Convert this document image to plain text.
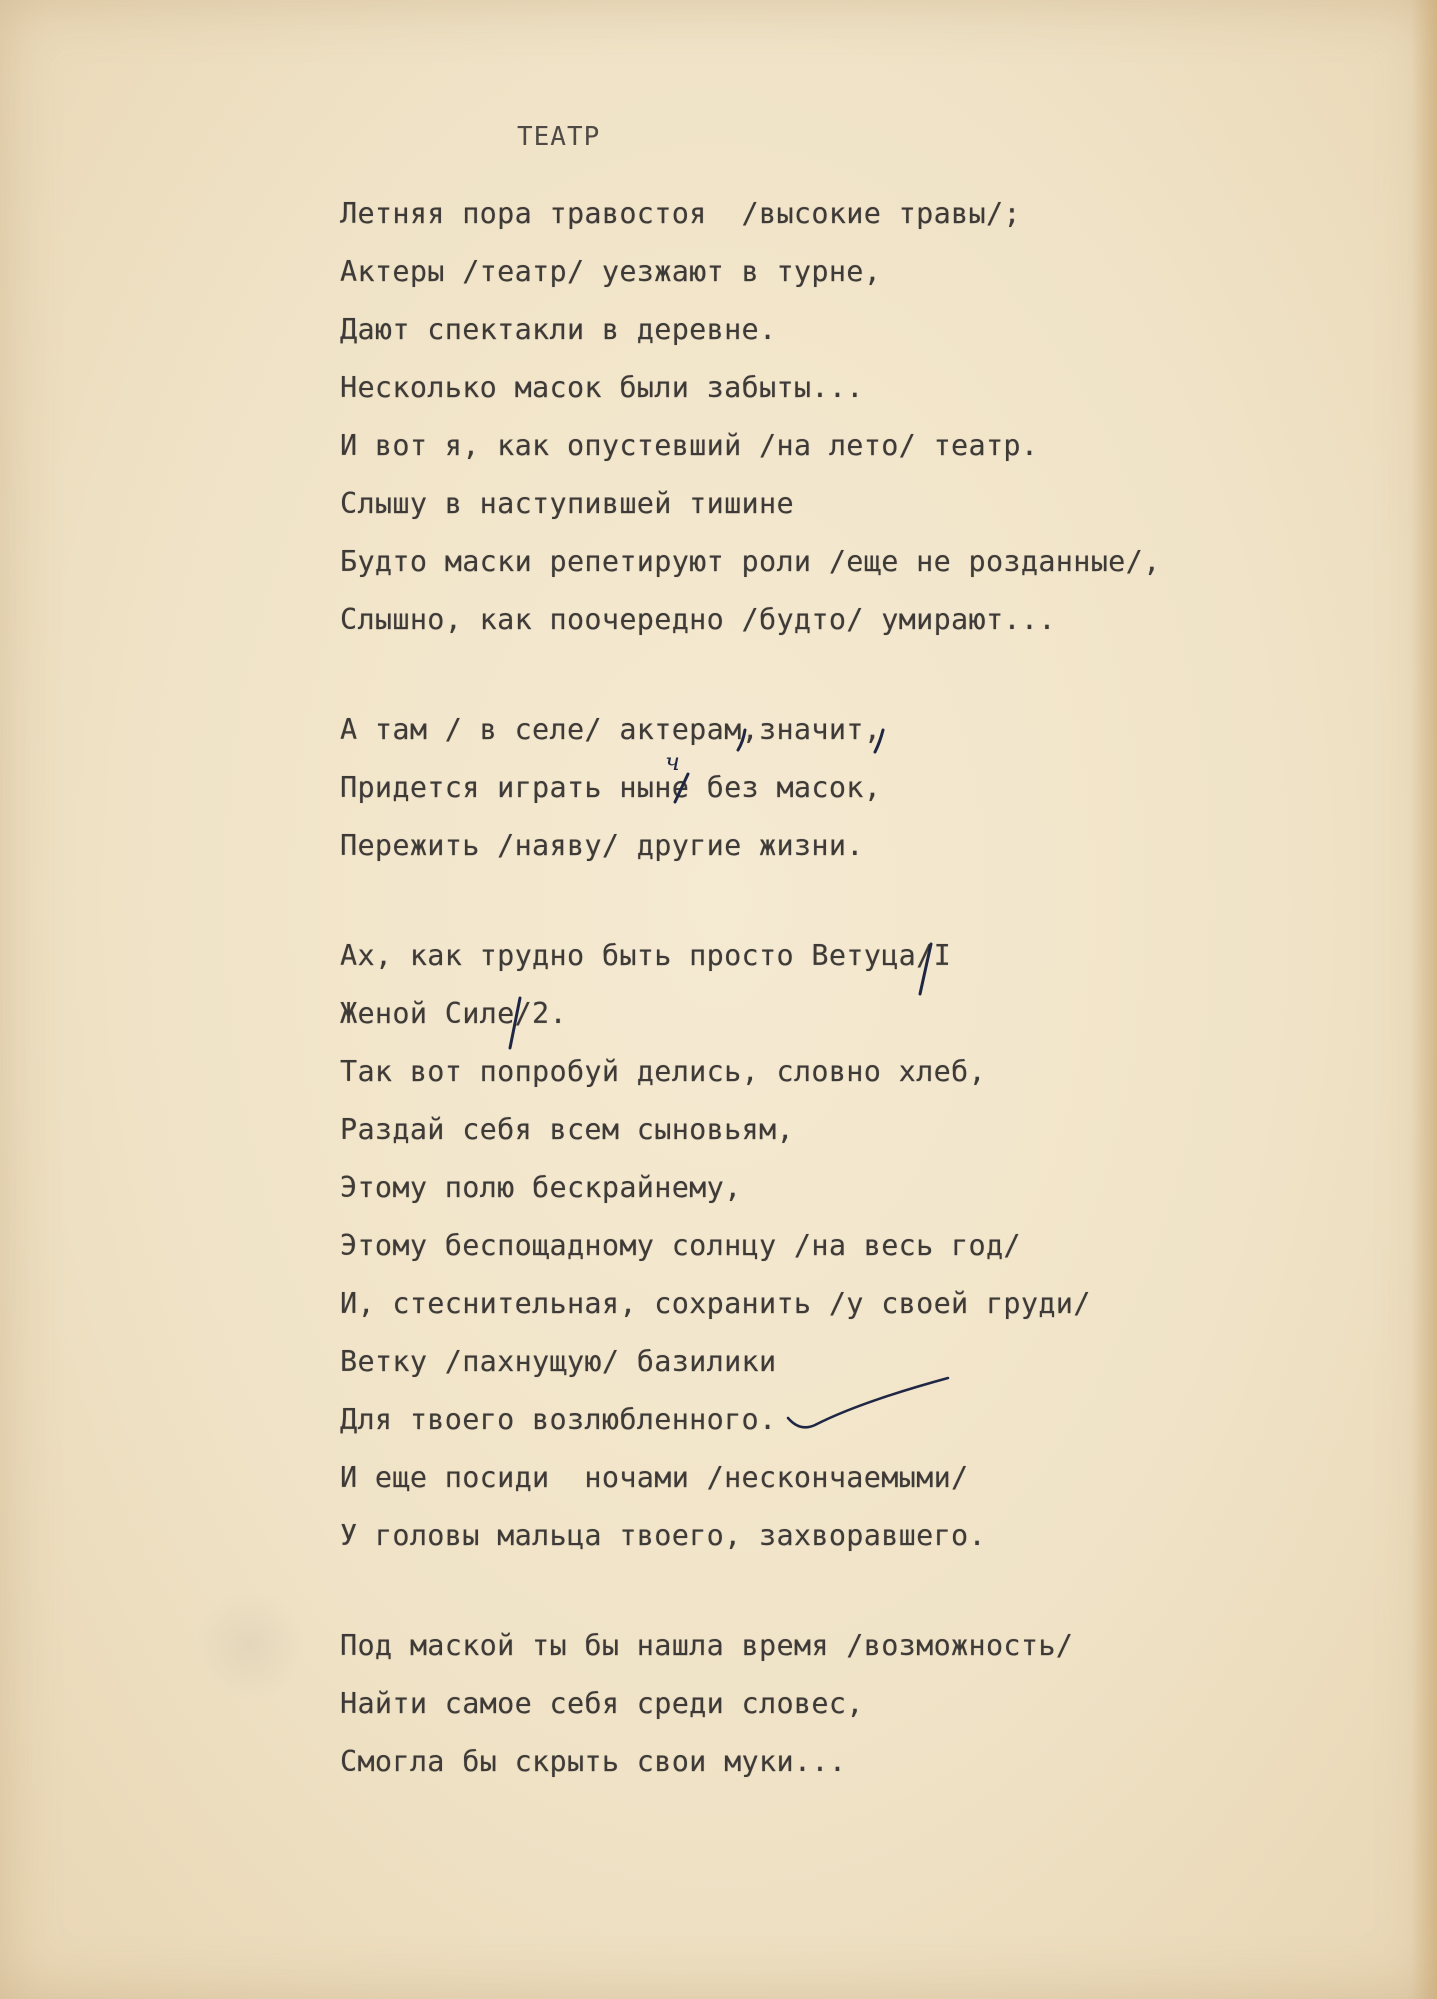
ТЕАТР

Летняя пора травостоя  /высокие травы/;
Актеры /театр/ уезжают в турне,
Дают спектакли в деревне.
Несколько масок были забыты...
И вот я, как опустевший /на лето/ театр.
Слышу в наступившей тишине
Будто маски репетируют роли /еще не розданные/,
Слышно, как поочередно /будто/ умирают...

А там / в селе/ актерам,значит,
Придется играть ныне без масок,
Пережить /наяву/ другие жизни.

Ах, как трудно быть просто Ветуца/I
Женой Силе/2.
Так вот попробуй делись, словно хлеб,
Раздай себя всем сыновьям,
Этому полю бескрайнему,
Этому беспощадному солнцу /на весь год/
И, стеснительная, сохранить /у своей груди/
Ветку /пахнущую/ базилики
Для твоего возлюбленного.
И еще посиди  ночами /нескончаемыми/
У головы мальца твоего, захворавшего.

Под маской ты бы нашла время /возможность/
Найти самое себя среди словес,
Смогла бы скрыть свои муки...

ч
